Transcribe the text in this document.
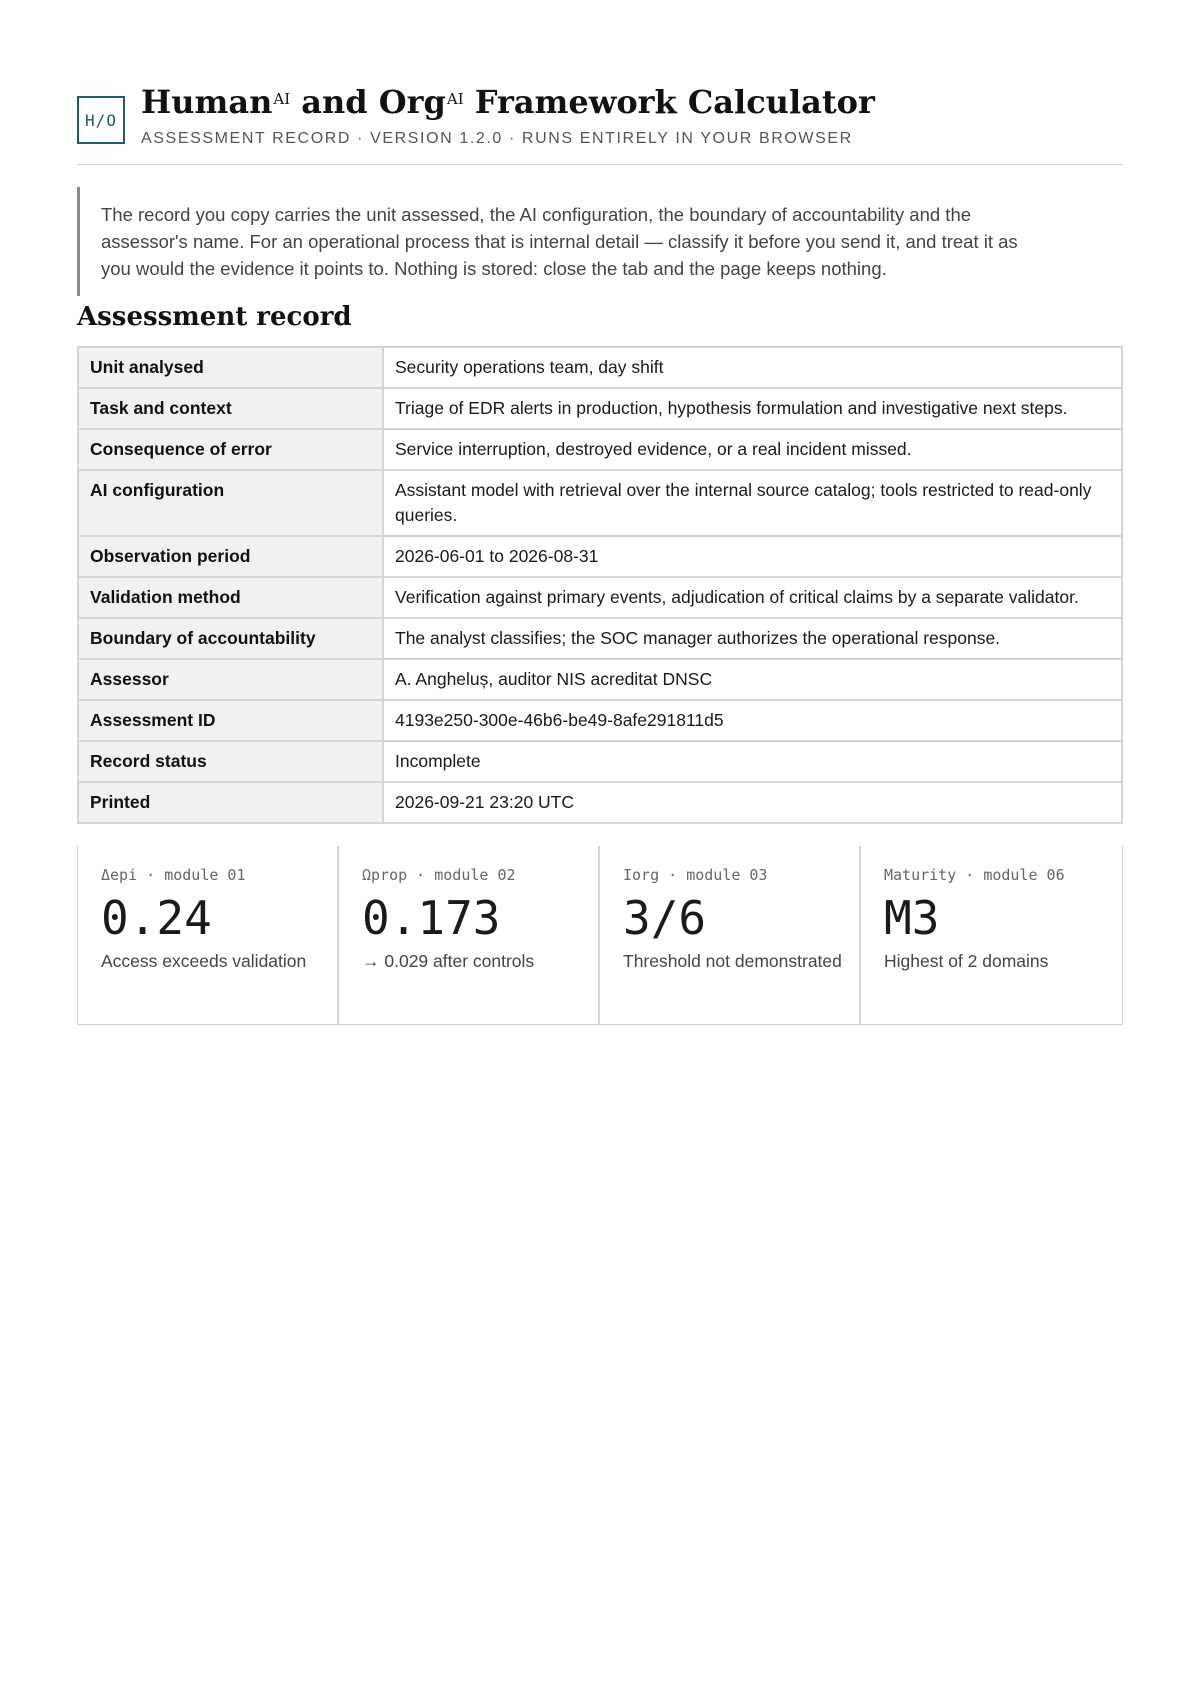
H/O Human$^{AI}$ and Org$^{AI}$ Framework Calculator
ASSESSMENT RECORD · VERSION 1.2.0 · RUNS ENTIRELY IN YOUR BROWSER
The record you copy carries the unit assessed, the AI configuration, the boundary of accountability and the assessor's name. For an operational process that is internal detail — classify it before you send it, and treat it as you would the evidence it points to. Nothing is stored: close the tab and the page keeps nothing.
Assessment record
Unit analysed	Security operations team, day shift
Task and context	Triage of EDR alerts in production, hypothesis formulation and investigative next steps.
Consequence of error	Service interruption, destroyed evidence, or a real incident missed.
AI configuration	Assistant model with retrieval over the internal source catalog; tools restricted to read-only queries.
Observation period	2026-06-01 to 2026-08-31
Validation method	Verification against primary events, adjudication of critical claims by a separate validator.
Boundary of accountability	The analyst classifies; the SOC manager authorizes the operational response.
Assessor	A. Angheluș, auditor NIS acreditat DNSC
Assessment ID	4193e250-300e-46b6-be49-8afe291811d5
Record status	Incomplete
Printed	2026-09-21 23:20 UTC
Δepi · module 01
0.24
Access exceeds validation
Ωprop · module 02
0.173
→ 0.029 after controls
Iorg · module 03
3/6
Threshold not demonstrated
Maturity · module 06
M3
Highest of 2 domains
